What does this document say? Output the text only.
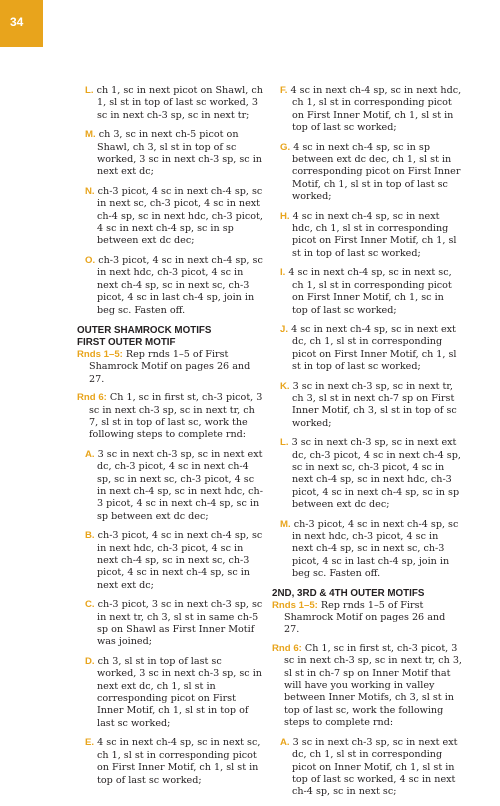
34

L. ch 1, sc in next picot on Shawl, ch 1, sl st in top of last sc worked, 3 sc in next ch-3 sp, sc in next tr;

M. ch 3, sc in next ch-5 picot on Shawl, ch 3, sl st in top of sc worked, 3 sc in next ch-3 sp, sc in next ext dc;

N. ch-3 picot, 4 sc in next ch-4 sp, sc in next sc, ch-3 picot, 4 sc in next ch-4 sp, sc in next hdc, ch-3 picot, 4 sc in next ch-4 sp, sc in sp between ext dc dec;

O. ch-3 picot, 4 sc in next ch-4 sp, sc in next hdc, ch-3 picot, 4 sc in next ch-4 sp, sc in next sc, ch-3 picot, 4 sc in last ch-4 sp, join in beg sc. Fasten off.

OUTER SHAMROCK MOTIFS
FIRST OUTER MOTIF

Rnds 1–5: Rep rnds 1–5 of First Shamrock Motif on pages 26 and 27.

Rnd 6: Ch 1, sc in first st, ch-3 picot, 3 sc in next ch-3 sp, sc in next tr, ch 7, sl st in top of last sc, work the following steps to complete rnd:

A. 3 sc in next ch-3 sp, sc in next ext dc, ch-3 picot, 4 sc in next ch-4 sp, sc in next sc, ch-3 picot, 4 sc in next ch-4 sp, sc in next hdc, ch-3 picot, 4 sc in next ch-4 sp, sc in sp between ext dc dec;

B. ch-3 picot, 4 sc in next ch-4 sp, sc in next hdc, ch-3 picot, 4 sc in next ch-4 sp, sc in next sc, ch-3 picot, 4 sc in next ch-4 sp, sc in next ext dc;

C. ch-3 picot, 3 sc in next ch-3 sp, sc in next tr, ch 3, sl st in same ch-5 sp on Shawl as First Inner Motif was joined;

D. ch 3, sl st in top of last sc worked, 3 sc in next ch-3 sp, sc in next ext dc, ch 1, sl st in corresponding picot on First Inner Motif, ch 1, sl st in top of last sc worked;

E. 4 sc in next ch-4 sp, sc in next sc, ch 1, sl st in corresponding picot on First Inner Motif, ch 1, sl st in top of last sc worked;

F. 4 sc in next ch-4 sp, sc in next hdc, ch 1, sl st in corresponding picot on First Inner Motif, ch 1, sl st in top of last sc worked;

G. 4 sc in next ch-4 sp, sc in sp between ext dc dec, ch 1, sl st in corresponding picot on First Inner Motif, ch 1, sl st in top of last sc worked;

H. 4 sc in next ch-4 sp, sc in next hdc, ch 1, sl st in corresponding picot on First Inner Motif, ch 1, sl st in top of last sc worked;

I. 4 sc in next ch-4 sp, sc in next sc, ch 1, sl st in corresponding picot on First Inner Motif, ch 1, sc in top of last sc worked;

J. 4 sc in next ch-4 sp, sc in next ext dc, ch 1, sl st in corresponding picot on First Inner Motif, ch 1, sl st in top of last sc worked;

K. 3 sc in next ch-3 sp, sc in next tr, ch 3, sl st in next ch-7 sp on First Inner Motif, ch 3, sl st in top of sc worked;

L. 3 sc in next ch-3 sp, sc in next ext dc, ch-3 picot, 4 sc in next ch-4 sp, sc in next sc, ch-3 picot, 4 sc in next ch-4 sp, sc in next hdc, ch-3 picot, 4 sc in next ch-4 sp, sc in sp between ext dc dec;

M. ch-3 picot, 4 sc in next ch-4 sp, sc in next hdc, ch-3 picot, 4 sc in next ch-4 sp, sc in next sc, ch-3 picot, 4 sc in last ch-4 sp, join in beg sc. Fasten off.

2ND, 3RD & 4TH OUTER MOTIFS

Rnds 1–5: Rep rnds 1–5 of First Shamrock Motif on pages 26 and 27.

Rnd 6: Ch 1, sc in first st, ch-3 picot, 3 sc in next ch-3 sp, sc in next tr, ch 3, sl st in ch-7 sp on Inner Motif that will have you working in valley between Inner Motifs, ch 3, sl st in top of last sc, work the following steps to complete rnd:

A. 3 sc in next ch-3 sp, sc in next ext dc, ch 1, sl st in corresponding picot on Inner Motif, ch 1, sl st in top of last sc worked, 4 sc in next ch-4 sp, sc in next sc;
